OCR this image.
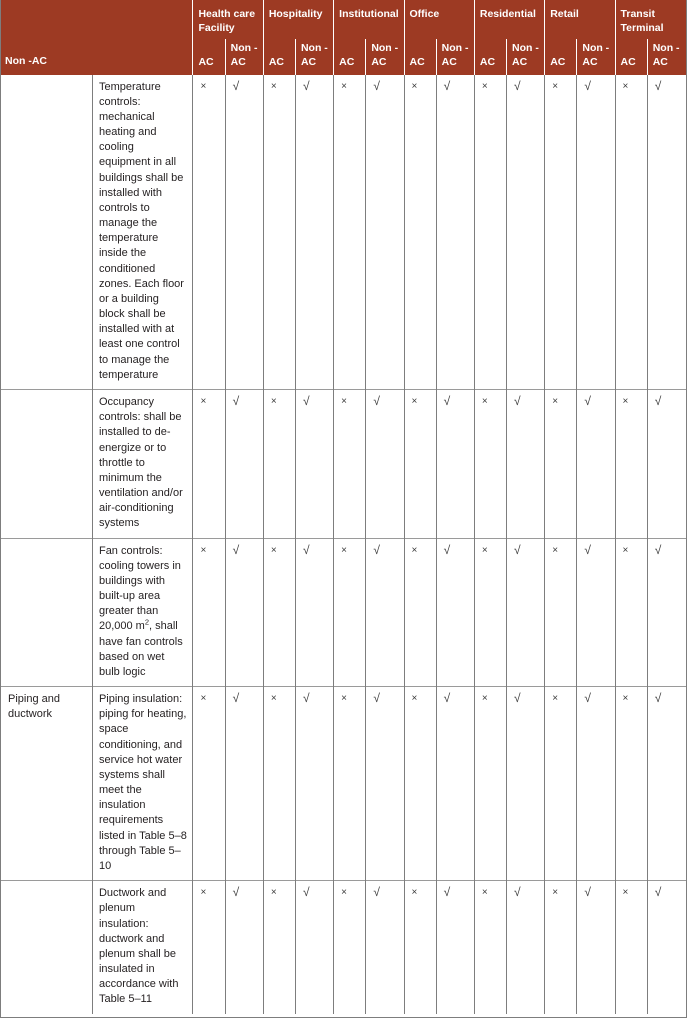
Non -AC		Health care Facility		Hospitality		Institutional		Office		Residential		Retail		Transit Terminal	
		AC	Non -AC	AC	Non -AC	AC	Non -AC	AC	Non -AC	AC	Non -AC	AC	Non -AC	AC	Non -AC
	Temperature controls: mechanical heating and cooling equipment in all buildings shall be installed with controls to manage the temperature inside the conditioned zones. Each floor or a building block shall be installed with at least one control to manage the temperature	×	√	×	√	×	√	×	√	×	√	×	√	×	√
	Occupancy controls: shall be installed to de-energize or to throttle to minimum the ventilation and/or air-conditioning systems	×	√	×	√	×	√	×	√	×	√	×	√	×	√
	Fan controls: cooling towers in buildings with built-up area greater than 20,000 $m^2$, shall have fan controls based on wet bulb logic	×	√	×	√	×	√	×	√	×	√	×	√	×	√
Piping and ductwork	Piping insulation: piping for heating, space conditioning, and service hot water systems shall meet the insulation requirements listed in Table 5–8 through Table 5–10	×	√	×	√	×	√	×	√	×	√	×	√	×	√
	Ductwork and plenum insulation: ductwork and plenum shall be insulated in accordance with Table 5–11	×	√	×	√	×	√	×	√	×	√	×	√	×	√
